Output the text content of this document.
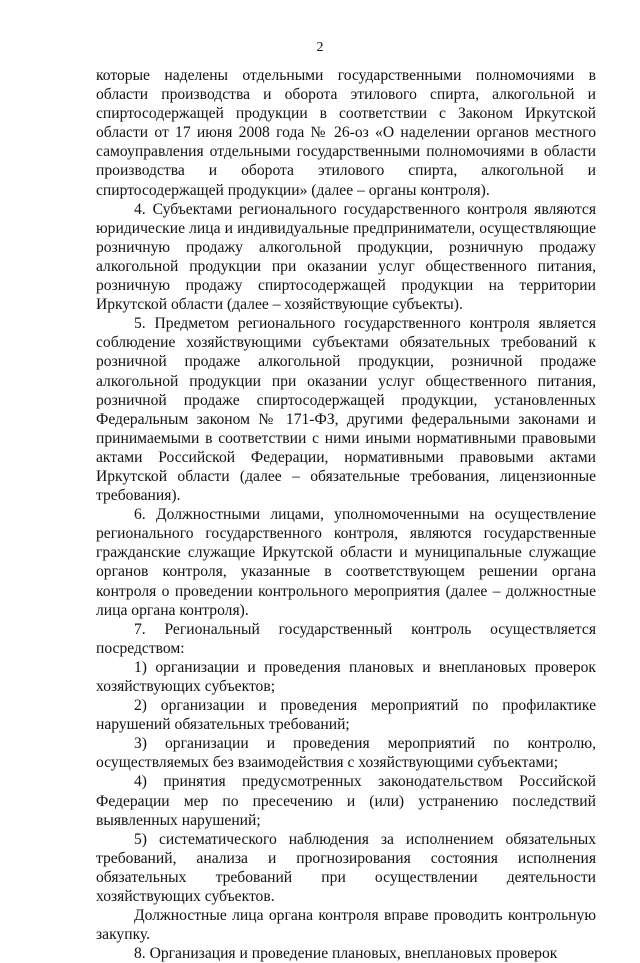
2

которые наделены отдельными государственными полномочиями в области производства и оборота этилового спирта, алкогольной и спиртосодержащей продукции в соответствии с Законом Иркутской области от 17 июня 2008 года № 26-оз «О наделении органов местного самоуправления отдельными государственными полномочиями в области производства и оборота этилового спирта, алкогольной и спиртосодержащей продукции» (далее – органы контроля).

4. Субъектами регионального государственного контроля являются юридические лица и индивидуальные предприниматели, осуществляющие розничную продажу алкогольной продукции, розничную продажу алкогольной продукции при оказании услуг общественного питания, розничную продажу спиртосодержащей продукции на территории Иркутской области (далее – хозяйствующие субъекты).

5. Предметом регионального государственного контроля является соблюдение хозяйствующими субъектами обязательных требований к розничной продаже алкогольной продукции, розничной продаже алкогольной продукции при оказании услуг общественного питания, розничной продаже спиртосодержащей продукции, установленных Федеральным законом № 171-ФЗ, другими федеральными законами и принимаемыми в соответствии с ними иными нормативными правовыми актами Российской Федерации, нормативными правовыми актами Иркутской области (далее – обязательные требования, лицензионные требования).

6. Должностными лицами, уполномоченными на осуществление регионального государственного контроля, являются государственные гражданские служащие Иркутской области и муниципальные служащие органов контроля, указанные в соответствующем решении органа контроля о проведении контрольного мероприятия (далее – должностные лица органа контроля).

7. Региональный государственный контроль осуществляется посредством:

1) организации и проведения плановых и внеплановых проверок хозяйствующих субъектов;

2) организации и проведения мероприятий по профилактике нарушений обязательных требований;

3) организации и проведения мероприятий по контролю, осуществляемых без взаимодействия с хозяйствующими субъектами;

4) принятия предусмотренных законодательством Российской Федерации мер по пресечению и (или) устранению последствий выявленных нарушений;

5) систематического наблюдения за исполнением обязательных требований, анализа и прогнозирования состояния исполнения обязательных требований при осуществлении деятельности хозяйствующих субъектов.

Должностные лица органа контроля вправе проводить контрольную закупку.

8. Организация и проведение плановых, внеплановых проверок
